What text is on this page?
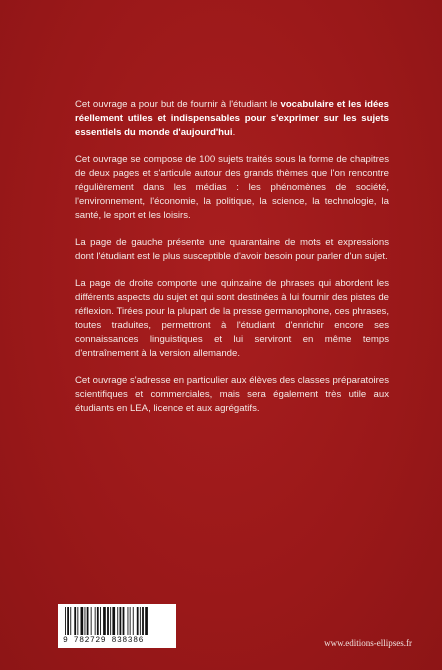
Cet ouvrage a pour but de fournir à l'étudiant le vocabulaire et les idées réellement utiles et indispensables pour s'exprimer sur les sujets essentiels du monde d'aujourd'hui.

Cet ouvrage se compose de 100 sujets traités sous la forme de chapitres de deux pages et s'articule autour des grands thèmes que l'on rencontre régulièrement dans les médias : les phénomènes de société, l'environnement, l'économie, la politique, la science, la technologie, la santé, le sport et les loisirs.

La page de gauche présente une quarantaine de mots et expressions dont l'étudiant est le plus susceptible d'avoir besoin pour parler d'un sujet.

La page de droite comporte une quinzaine de phrases qui abordent les différents aspects du sujet et qui sont destinées à lui fournir des pistes de réflexion. Tirées pour la plupart de la presse germanophone, ces phrases, toutes traduites, permettront à l'étudiant d'enrichir encore ses connaissances linguistiques et lui serviront en même temps d'entraînement à la version allemande.

Cet ouvrage s'adresse en particulier aux élèves des classes préparatoires scientifiques et commerciales, mais sera également très utile aux étudiants en LEA, licence et aux agrégatifs.

9 782729 838386	www.editions-ellipses.fr
